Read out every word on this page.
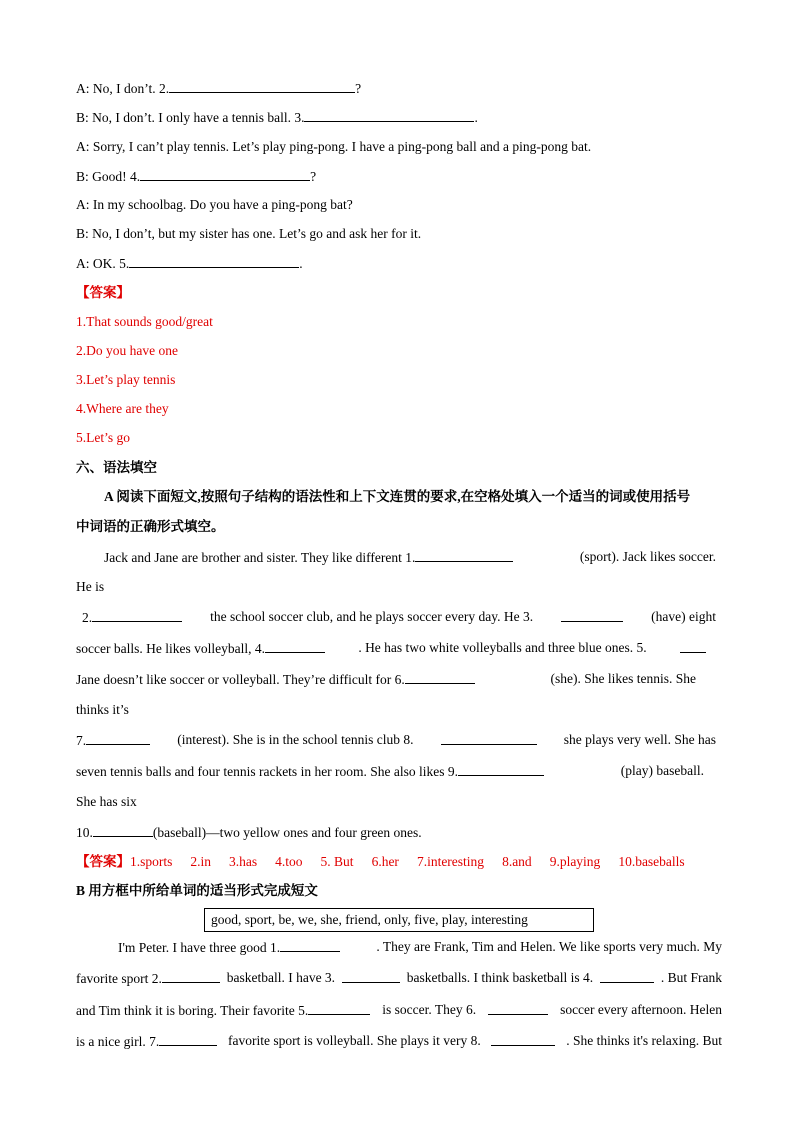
A: No, I don’t. 2.	?
B: No, I don’t. I only have a tennis ball. 3.	.
A: Sorry, I can’t play tennis. Let’s play ping-pong. I have a ping-pong ball and a ping-pong bat.
B: Good! 4.	?
A: In my schoolbag. Do you have a ping-pong bat?
B: No, I don’t, but my sister has one. Let’s go and ask her for it.
A: OK. 5.	.
【答案】
1.That sounds good/great
2.Do you have one
3.Let’s play tennis
4.Where are they
5.Let’s go
六、语法填空
A 阅读下面短文,按照句子结构的语法性和上下文连贯的要求,在空格处填入一个适当的词或使用括号
中词语的正确形式填空。
Jack and Jane are brother and sister. They like different 1.	(sport). Jack likes soccer.
He is
2.	the school soccer club, and he plays soccer every day. He 3.	(have) eight
soccer balls. He likes volleyball, 4.	. He has two white volleyballs and three blue ones. 5.
Jane doesn’t like soccer or volleyball. They’re difficult for 6.	(she). She likes tennis. She
thinks it’s
7.	(interest). She is in the school tennis club 8.	she plays very well. She has
seven tennis balls and four tennis rackets in her room. She also likes 9.	(play) baseball.
She has six
10.	(baseball)—two yellow ones and four green ones.
【答案】1.sports 2.in 3.has 4.too 5. But 6.her 7.interesting 8.and 9.playing 10.baseballs
B 用方框中所给单词的适当形式完成短文
good, sport, be, we, she, friend, only, five, play, interesting
I'm Peter. I have three good 1.	. They are Frank, Tim and Helen. We like sports very much. My
favorite sport 2.	basketball. I have 3.	basketballs. I think basketball is 4.	. But Frank
and Tim think it is boring. Their favorite 5.	is soccer. They 6.	soccer every afternoon. Helen
is a nice girl. 7.	favorite sport is volleyball. She plays it very 8.	. She thinks it's relaxing. But
